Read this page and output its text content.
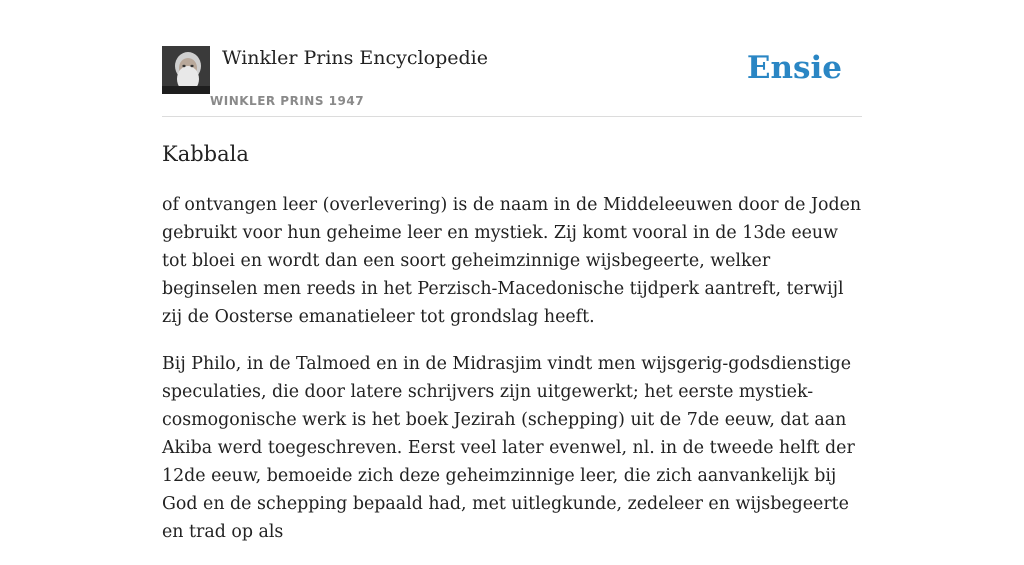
Winkler Prins Encyclopedie
WINKLER PRINS 1947
Ensie
Kabbala

of ontvangen leer (overlevering) is de naam in de Middeleeuwen door de Joden gebruikt voor hun geheime leer en mystiek. Zij komt vooral in de 13de eeuw tot bloei en wordt dan een soort geheimzinnige wijsbegeerte, welker beginselen men reeds in het Perzisch-Macedonische tijdperk aantreft, terwijl zij de Oosterse emanatieleer tot grondslag heeft.

Bij Philo, in de Talmoed en in de Midrasjim vindt men wijsgerig-godsdienstige speculaties, die door latere schrijvers zijn uitgewerkt; het eerste mystiek-cosmogonische werk is het boek Jezirah (schepping) uit de 7de eeuw, dat aan Akiba werd toegeschreven. Eerst veel later evenwel, nl. in de tweede helft der 12de eeuw, bemoeide zich deze geheimzinnige leer, die zich aanvankelijk bij God en de schepping bepaald had, met uitlegkunde, zedeleer en wijsbegeerte en trad op als
